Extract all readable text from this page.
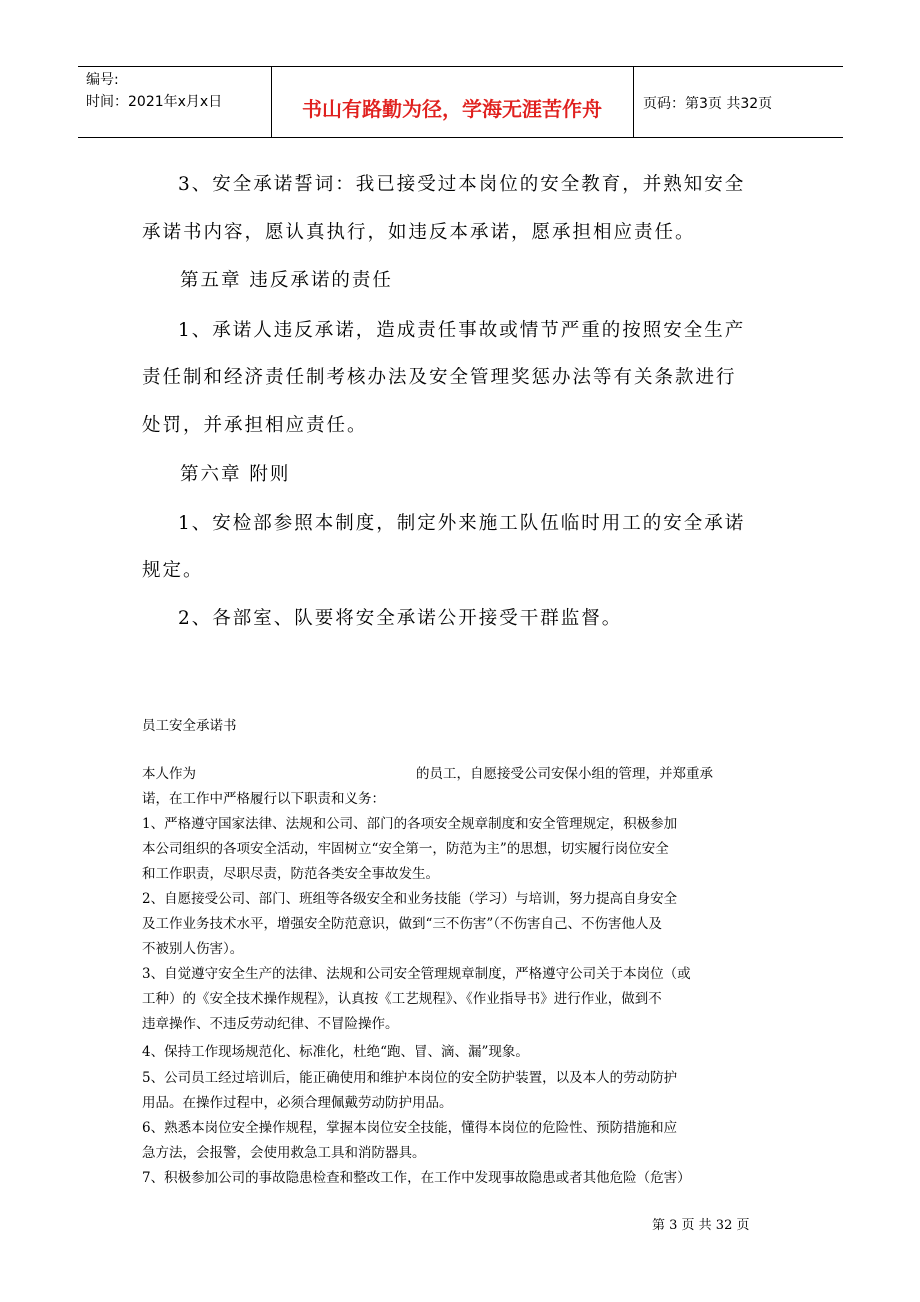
编号:
时间：2021年x月x日	书山有路勤为径，学海无涯苦作舟	页码：第3页 共32页
3、安全承诺誓词：我已接受过本岗位的安全教育，并熟知安全
承诺书内容，愿认真执行，如违反本承诺，愿承担相应责任。
第五章 违反承诺的责任
1、承诺人违反承诺，造成责任事故或情节严重的按照安全生产
责任制和经济责任制考核办法及安全管理奖惩办法等有关条款进行
处罚，并承担相应责任。
第六章 附则
1、安检部参照本制度，制定外来施工队伍临时用工的安全承诺
规定。
2、各部室、队要将安全承诺公开接受干群监督。
员工安全承诺书
本人作为	的员工，自愿接受公司安保小组的管理，并郑重承
诺，在工作中严格履行以下职责和义务：
1、严格遵守国家法律、法规和公司、部门的各项安全规章制度和安全管理规定，积极参加
本公司组织的各项安全活动，牢固树立“安全第一，防范为主”的思想，切实履行岗位安全
和工作职责，尽职尽责，防范各类安全事故发生。
2、自愿接受公司、部门、班组等各级安全和业务技能（学习）与培训，努力提高自身安全
及工作业务技术水平，增强安全防范意识，做到“三不伤害”（不伤害自己、不伤害他人及
不被别人伤害）。
3、自觉遵守安全生产的法律、法规和公司安全管理规章制度，严格遵守公司关于本岗位（或
工种）的《安全技术操作规程》，认真按《工艺规程》、《作业指导书》进行作业，做到不
违章操作、不违反劳动纪律、不冒险操作。
4、保持工作现场规范化、标准化，杜绝“跑、冒、滴、漏”现象。
5、公司员工经过培训后，能正确使用和维护本岗位的安全防护装置，以及本人的劳动防护
用品。在操作过程中，必须合理佩戴劳动防护用品。
6、熟悉本岗位安全操作规程，掌握本岗位安全技能，懂得本岗位的危险性、预防措施和应
急方法，会报警，会使用救急工具和消防器具。
7、积极参加公司的事故隐患检查和整改工作，在工作中发现事故隐患或者其他危险（危害）
第 3 页 共 32 页
